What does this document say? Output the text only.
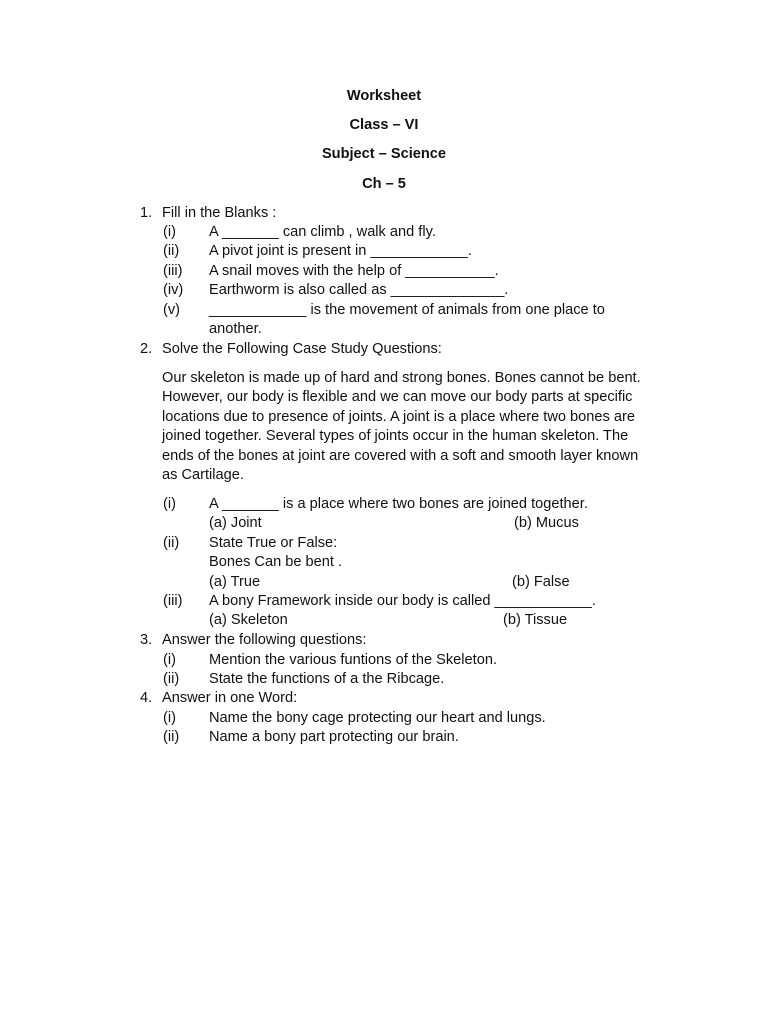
Worksheet
Class – VI
Subject – Science
Ch – 5
1. Fill in the Blanks :
(i) A _______ can climb , walk and fly.
(ii) A pivot joint is present in ____________.
(iii) A snail moves with the help of ___________.
(iv) Earthworm is also called as ______________.
(v) ____________ is the movement of animals from one place to
another.
2. Solve the Following Case Study Questions:
Our skeleton is made up of hard and strong bones. Bones cannot be bent.
However, our body is flexible and we can move our body parts at specific
locations due to presence of joints. A joint is a place where two bones are
joined together. Several types of joints occur in the human skeleton. The
ends of the bones at joint are covered with a soft and smooth layer known
as Cartilage.
(i) A _______ is a place where two bones are joined together.
(a) Joint	(b) Mucus
(ii) State True or False:
Bones Can be bent .
(a) True	(b) False
(iii) A bony Framework inside our body is called ____________.
(a) Skeleton	(b) Tissue
3. Answer the following questions:
(i) Mention the various funtions of the Skeleton.
(ii) State the functions of a the Ribcage.
4. Answer in one Word:
(i) Name the bony cage protecting our heart and lungs.
(ii) Name a bony part protecting our brain.
